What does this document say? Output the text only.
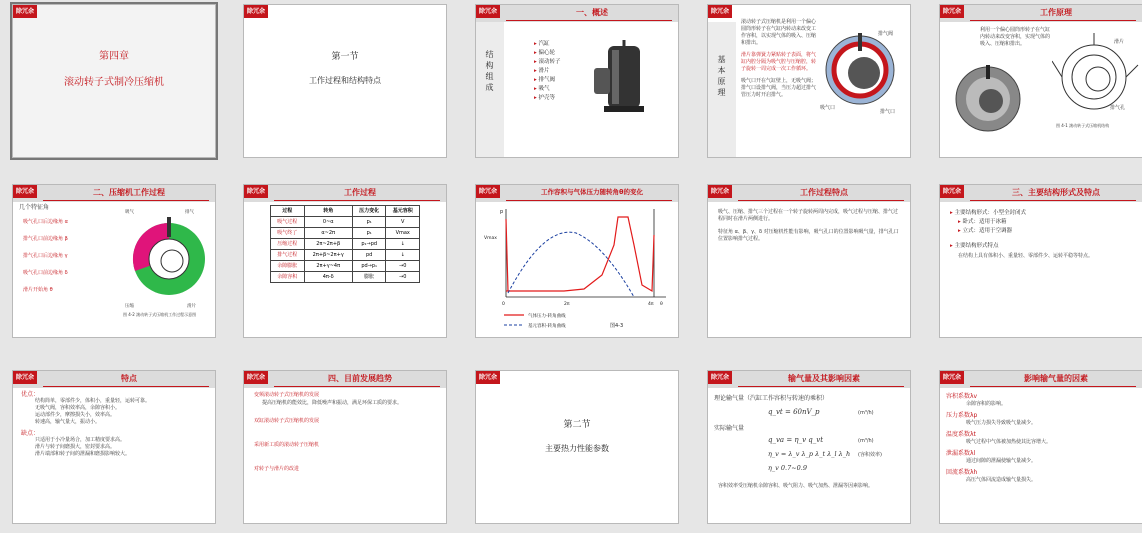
除冗余
第四章
滚动转子式制冷压缩机
除冗余
第一节
工作过程和结构特点
除冗余	一、概述
结构组成
▸ 汽缸
▸ 偏心轮
▸ 滚动转子
▸ 滑片
▸ 排气阀
▸ 吸气
▸ 护壳等
除冗余
基本原理
滚动转子式压缩机是利用一个偏心圆筒形转子在气缸内转动来改变工作容积，以实现气体的吸入、压缩和排出。
滑片靠弹簧力紧贴转子表面，将气缸内腔分隔为吸气腔与压缩腔，转子旋转一周完成一次工作循环。
吸气口开在气缸壁上，无吸气阀；排气口设排气阀，当压力超过排气管压力时开启排气。
排气阀
吸气口
排气口
除冗余	工作原理
利用一个偏心圆筒形转子在气缸内转动来改变容积，实现气体的吸入、压缩和排出。	滑片
排气孔
图 4-1 滚动转子式压缩机结构
除冗余	二、压缩机工作过程
几个特征角
吸气孔口后边缘角 α
排气孔口前边缘角 β
排气孔口后边缘角 γ
吸气孔口前边缘角 δ
滑片开始角 θ
吸气	排气
压缩	滑片
图 4-2 滚动转子式压缩机工作过程示意图
除冗余	工作过程
过程	转角	压力变化	基元容积
吸气过程	0~α	p₁	V
吸气终了	α~2π	p₁	Vmax
压缩过程	2π~2π+β	p₁→pd	↓
排气过程	2π+β~2π+γ	pd	↓
余隙膨胀	2π+γ~4π	pd→p₁	→0
余隙容积	4π-δ	膨胀	→0
除冗余	工作容积与气体压力随转角θ的变化
p
Vmax
0	2π	4π θ
气体压力-转角曲线
基元容积-转角曲线	图4-3
除冗余	工作过程特点
吸气、压缩、排气三个过程在一个转子旋转两周内完成，吸气过程与压缩、排气过程同时在滑片两侧进行。
特征角 α、β、γ、δ 对压缩机性能有影响，吸气孔口的位置影响吸气量，排气孔口位置影响排气过程。
除冗余	三、主要结构形式及特点
▸ 主要结构形式：小型全封闭式
▸ 卧式：适用于冰箱
▸ 立式：适用于空调器
▸ 主要结构形式特点
在结构上具有体积小、重量轻、零部件少、运转平稳等特点。
除冗余	特点
优点：
结构简单，零部件少，体积小，重量轻，运转可靠。
无吸气阀，容积效率高，余隙容积小。
运动部件少，摩擦损失小，效率高。
转速高，输气量大，振动小。
缺点：
只适用于小冷量场合，加工精度要求高。
滑片与转子间磨损大，密封要求高。
滑片端部和转子间的泄漏和磨损影响较大。
除冗余	四、目前发展趋势
变频滚动转子式压缩机的发展
提高压缩机的能效比，降低噪声和振动，满足环保工质的要求。
双缸滚动转子式压缩机的发展
采用新工质的滚动转子压缩机
对转子与滑片的改进
除冗余
第二节
主要热力性能参数
除冗余	输气量及其影响因素
理论输气量（汽缸工作容积与转速的乘积）
q_vt = 60nV_p	(m³/h)
实际输气量
q_va = η_v q_vt	(m³/h)
η_v = λ_v λ_p λ_t λ_l λ_h (容积效率)
η_v 0.7~0.9
容积效率受压缩机余隙容积、吸气阻力、吸气加热、泄漏等因素影响。
除冗余	影响输气量的因素
容积系数λv
余隙容积的影响。
压力系数λp
吸气压力损失导致吸气量减少。
温度系数λt
吸气过程中气体被加热使其比容增大。
泄漏系数λl
通过间隙的泄漏使输气量减少。
回流系数λh
高压气体回流造成输气量损失。
